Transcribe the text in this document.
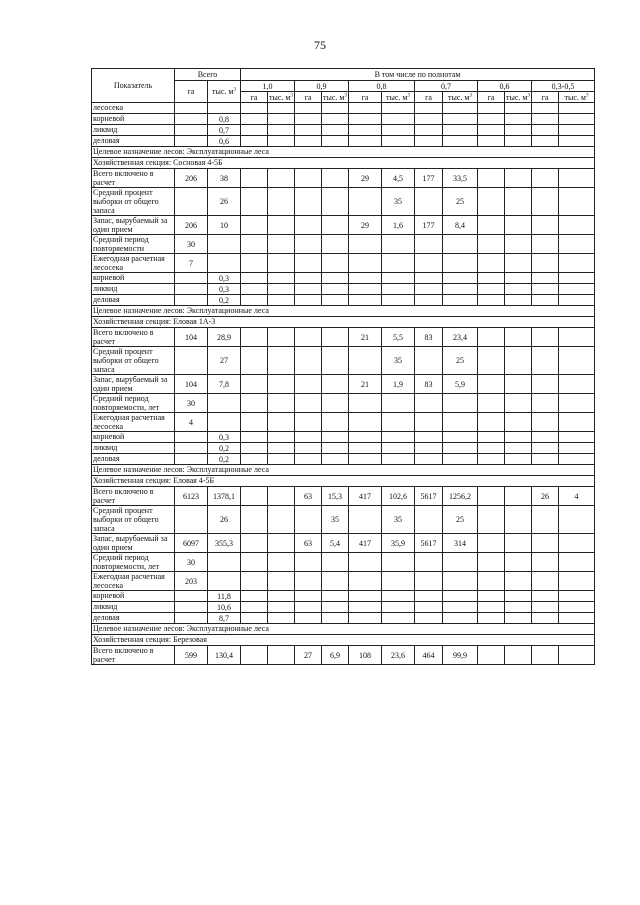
75
Показатель	Всего		В том числе по полнотам											
	га	тыс. $м^3$	1,0		0,9		0,8		0,7		0,6		0,3-0,5	
			га	тыс. $м^3$	га	тыс. $м^3$	га	тыс. $м^3$	га	тыс. $м^3$	га	тыс. $м^3$	га	тыс. $м^3$
лесосека														
корневой		0,8												
ликвид		0,7												
деловая		0,6												
Целевое назначение лесов: Эксплуатационные леса														
Хозяйственная секция: Сосновая 4-5Б														
Всего включено в расчет	206	38					29	4,5	177	33,5				
Средний процент выборки от общего запаса		26						35		25				
Запас, вырубаемый за один прием	206	10					29	1,6	177	8,4				
Средний период повторяемости	30													
Ежегодная расчетная лесосека	7													
корневой		0,3												
ликвид		0,3												
деловая		0,2												
Целевое назначение лесов: Эксплуатационные леса														
Хозяйственная секция: Еловая 1А-3														
Всего включено в расчет	104	28,9					21	5,5	83	23,4				
Средний процент выборки от общего запаса		27						35		25				
Запас, вырубаемый за один прием	104	7,8					21	1,9	83	5,9				
Средний период повторяемости, лет	30													
Ежегодная расчетная лесосека	4													
корневой		0,3												
ликвид		0,2												
деловая		0,2												
Целевое назначение лесов: Эксплуатационные леса														
Хозяйственная секция: Еловая 4-5Б														
Всего включено в расчет	6123	1378,1			63	15,3	417	102,6	5617	1256,2			26	4
Средний процент выборки от общего запаса		26				35		35		25				
Запас, вырубаемый за один прием	6097	355,3			63	5,4	417	35,9	5617	314				
Средний период повторяемости, лет	30													
Ежегодная расчетная лесосека	203													
корневой		11,8												
ликвид		10,6												
деловая		8,7												
Целевое назначение лесов: Эксплуатационные леса														
Хозяйственная секция: Березовая														
Всего включено в расчет	599	130,4			27	6,9	108	23,6	464	99,9				
